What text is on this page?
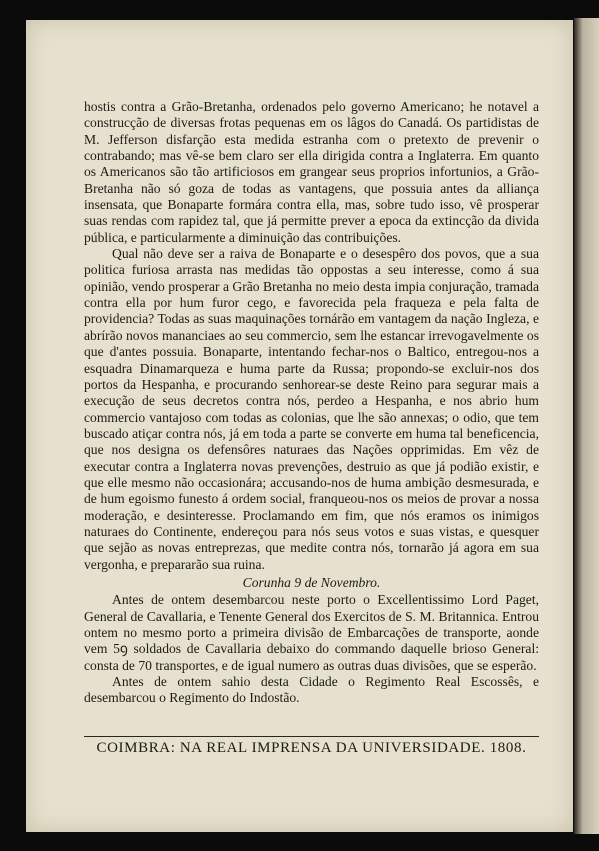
hostis contra a Grão-Bretanha, ordenados pelo governo Americano; he notavel a construcção de diversas frotas pequenas em os lâgos do Canadá. Os partidistas de M. Jefferson disfarção esta medida estranha com o pretexto de prevenir o contrabando; mas vê-se bem claro ser ella dirigida contra a Inglaterra. Em quanto os Americanos são tão artificiosos em grangear seus proprios infortunios, a Grão-Bretanha não só goza de todas as vantagens, que possuia antes da alliança insensata, que Bonaparte formára contra ella, mas, sobre tudo isso, vê prosperar suas rendas com rapidez tal, que já permitte prever a epoca da extincção da divida pública, e particularmente a diminuição das contribuições.

Qual não deve ser a raiva de Bonaparte e o desespêro dos povos, que a sua politica furiosa arrasta nas medidas tão oppostas a seu interesse, como á sua opinião, vendo prosperar a Grão Bretanha no meio desta impia conjuração, tramada contra ella por hum furor cego, e favorecida pela fraqueza e pela falta de providencia? Todas as suas maquinações tornárão em vantagem da nação Ingleza, e abrírão novos mananciaes ao seu commercio, sem lhe estancar irrevogavelmente os que d'antes possuia. Bonaparte, intentando fechar-nos o Baltico, entregou-nos a esquadra Dinamarqueza e huma parte da Russa; propondo-se excluir-nos dos portos da Hespanha, e procurando senhorear-se deste Reino para segurar mais a execução de seus decretos contra nós, perdeo a Hespanha, e nos abrio hum commercio vantajoso com todas as colonias, que lhe são annexas; o odio, que tem buscado atiçar contra nós, já em toda a parte se converte em huma tal beneficencia, que nos designa os defensôres naturaes das Nações opprimidas. Em vêz de executar contra a Inglaterra novas prevenções, destruio as que já podião existir, e que elle mesmo não occasionára; accusando-nos de huma ambição desmesurada, e de hum egoismo funesto á ordem social, franqueou-nos os meios de provar a nossa moderação, e desinteresse. Proclamando em fim, que nós eramos os inimigos naturaes do Continente, endereçou para nós seus votos e suas vistas, e quesquer que sejão as novas entreprezas, que medite contra nós, tornarão já agora em sua vergonha, e prepararão sua ruina.

Corunha 9 de Novembro.

Antes de ontem desembarcou neste porto o Excellentissimo Lord Paget, General de Cavallaria, e Tenente General dos Exercitos de S. M. Britannica. Entrou ontem no mesmo porto a primeira divisão de Embarcações de transporte, aonde vem 5ꝯ soldados de Cavallaria debaixo do commando daquelle brioso General: consta de 70 transportes, e de igual numero as outras duas divisões, que se esperão.

Antes de ontem sahio desta Cidade o Regimento Real Escossês, e desembarcou o Regimento do Indostão.

COIMBRA: NA REAL IMPRENSA DA UNIVERSIDADE. 1808.
